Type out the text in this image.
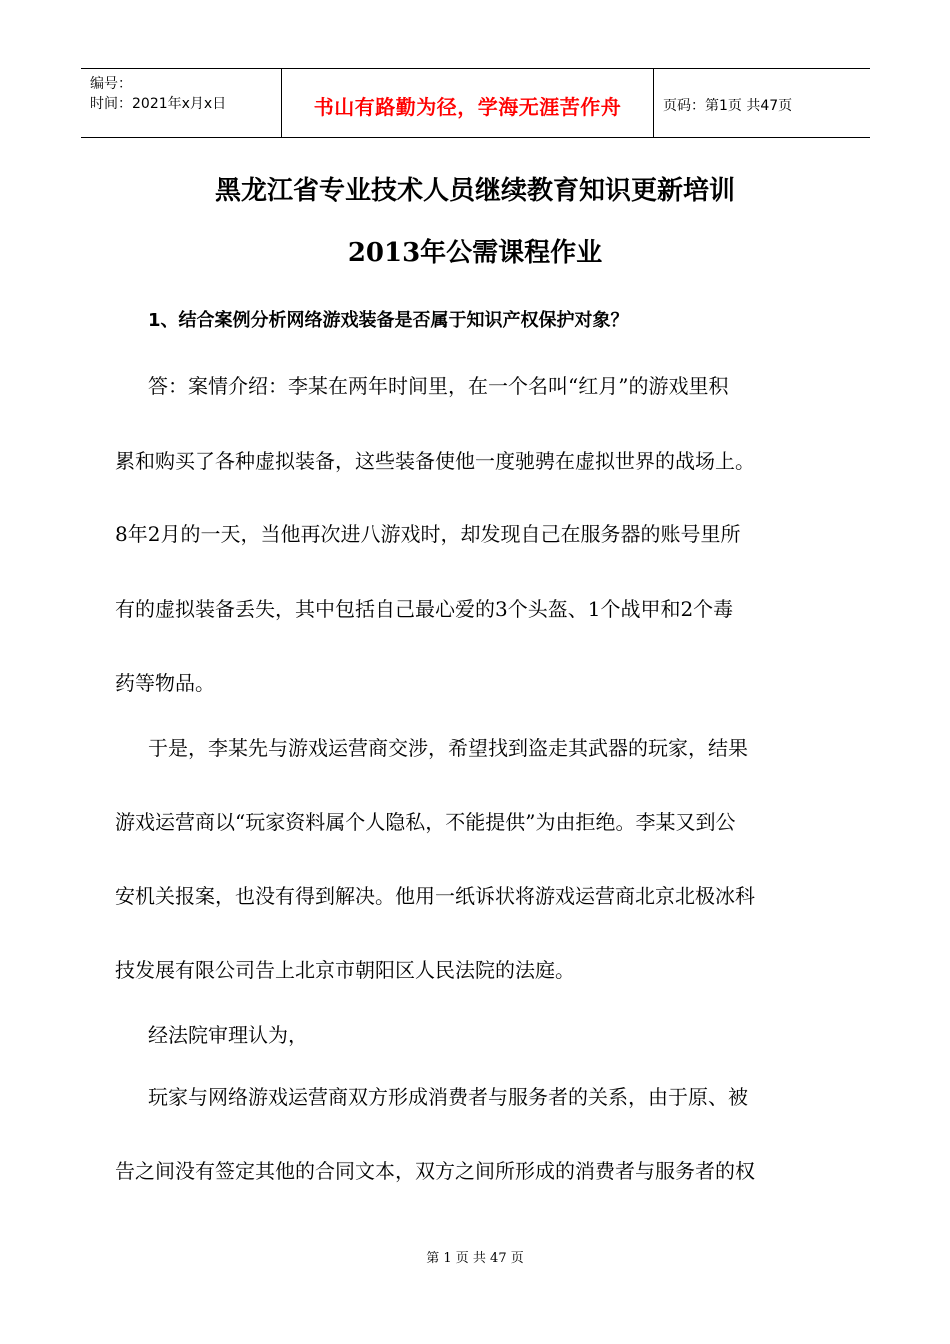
编号：
时间：2021年x月x日	书山有路勤为径，学海无涯苦作舟	页码：第1页 共47页
黑龙江省专业技术人员继续教育知识更新培训
2013年公需课程作业
1、结合案例分析网络游戏装备是否属于知识产权保护对象？
答：案情介绍：李某在两年时间里，在一个名叫“红月”的游戏里积
累和购买了各种虚拟装备，这些装备使他一度驰骋在虚拟世界的战场上。
8年2月的一天，当他再次进八游戏时，却发现自己在服务器的账号里所
有的虚拟装备丢失，其中包括自己最心爱的3个头盔、1个战甲和2个毒
药等物品。
于是，李某先与游戏运营商交涉，希望找到盗走其武器的玩家，结果
游戏运营商以“玩家资料属个人隐私，不能提供”为由拒绝。李某又到公
安机关报案，也没有得到解决。他用一纸诉状将游戏运营商北京北极冰科
技发展有限公司告上北京市朝阳区人民法院的法庭。
经法院审理认为，
玩家与网络游戏运营商双方形成消费者与服务者的关系，由于原、被
告之间没有签定其他的合同文本，双方之间所形成的消费者与服务者的权
第 1 页 共 47 页
